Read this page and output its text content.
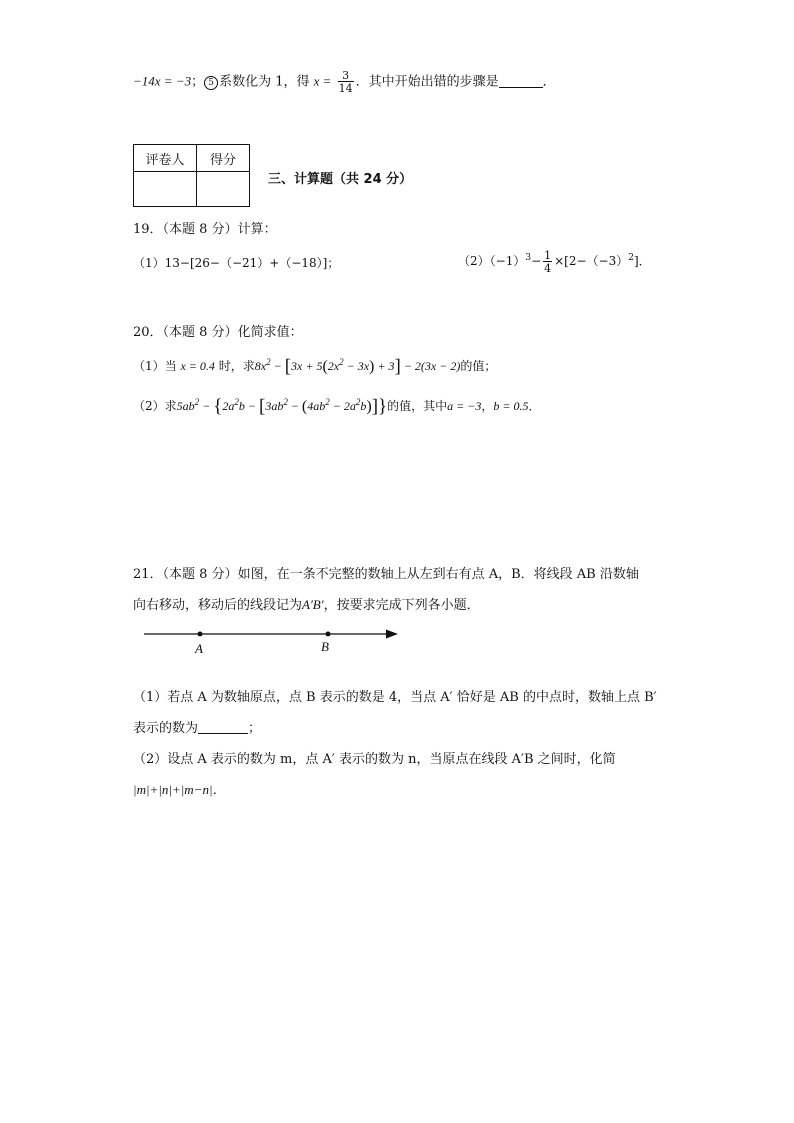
−14x = −3； 5 系数化为 1，得 $x = \frac{3}{14}$ ．其中开始出错的步骤是	．
评卷人	得分

三、计算题（共 24 分）
19．（本题 8 分）计算：
（1）13−[26−（−21）+（−18）]；	$(2)(-1)^3- \frac{1}{4} \times[2-(-3)^2]$．
20．（本题 8 分）化简求值：
（1）当 x = 0.4 时，求$8x^2 - [3x + 5(2x^2 - 3x) + 3] - 2(3x - 2)$的值；
（2）求$5ab^2 - \{2a^2b - [3ab^2 - (4ab^2 - 2a^2b)]\}$的值，其中a = −3，b = 0.5．
21．（本题 8 分）如图，在一条不完整的数轴上从左到右有点 A，B．将线段 AB 沿数轴
向右移动，移动后的线段记为A′B′，按要求完成下列各小题．
A	B
（1）若点 A 为数轴原点，点 B 表示的数是 4，当点 A′ 恰好是 AB 的中点时，数轴上点 B′
表示的数为	；
（2）设点 A 表示的数为 m，点 A′ 表示的数为 n，当原点在线段 A′B 之间时，化简
|m|+|n|+|m−n|．
